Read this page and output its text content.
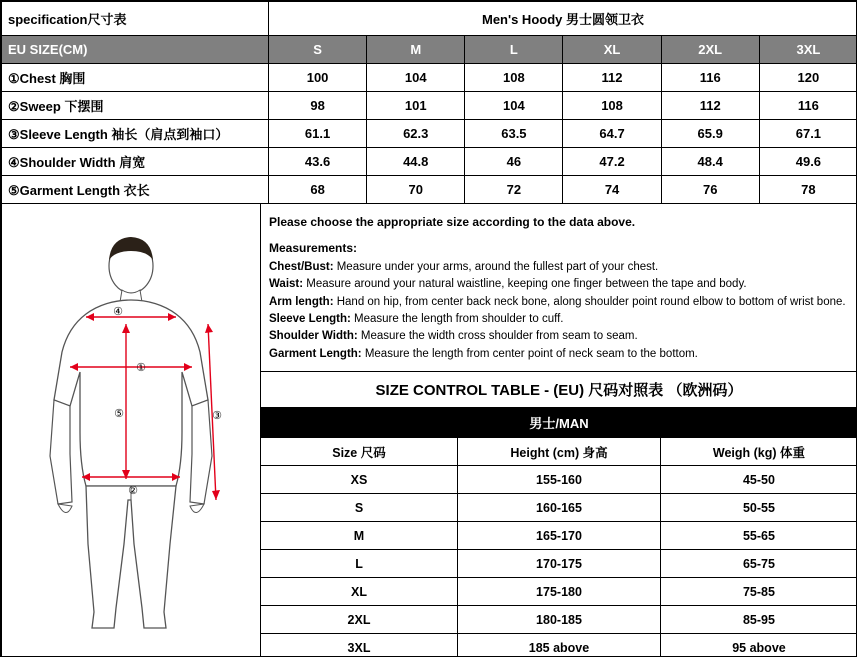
specification尺寸表	Men's Hoody 男士圆领卫衣					
EU SIZE(CM)	S	M	L	XL	2XL	3XL
①Chest 胸围	100	104	108	112	116	120
②Sweep 下摆围	98	101	104	108	112	116
③Sleeve Length 袖长（肩点到袖口）	61.1	62.3	63.5	64.7	65.9	67.1
④Shoulder Width 肩宽	43.6	44.8	46	47.2	48.4	49.6
⑤Garment Length 衣长	68	70	72	74	76	78
①
②
③
④
⑤
Please choose the appropriate size according to the data above.
Measurements:

Chest/Bust: Measure under your arms, around the fullest part of your chest.

Waist: Measure around your natural waistline, keeping one finger between the tape and body.

Arm length: Hand on hip, from center back neck bone, along shoulder point round elbow to bottom of wrist bone.

Sleeve Length: Measure the length from shoulder to cuff.

Shoulder Width: Measure the width cross shoulder from seam to seam.

Garment Length: Measure the length from center point of neck seam to the bottom.

SIZE CONTROL TABLE - (EU) 尺码对照表 （欧洲码）
男士/MAN
Size 尺码	Height (cm) 身高	Weigh (kg) 体重
XS	155-160	45-50
S	160-165	50-55
M	165-170	55-65
L	170-175	65-75
XL	175-180	75-85
2XL	180-185	85-95
3XL	185 above	95 above
